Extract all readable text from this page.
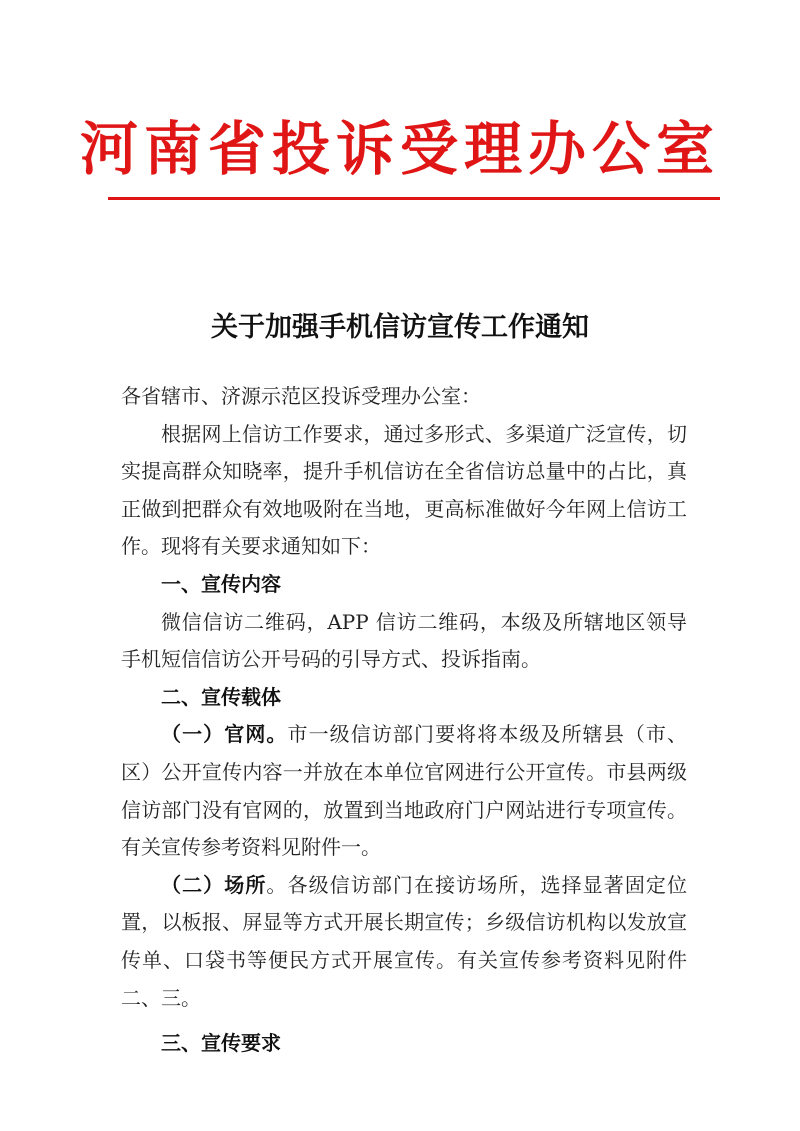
河南省投诉受理办公室
关于加强手机信访宣传工作通知

各省辖市、济源示范区投诉受理办公室：

根据网上信访工作要求，通过多形式、多渠道广泛宣传，切实提高群众知晓率，提升手机信访在全省信访总量中的占比，真正做到把群众有效地吸附在当地，更高标准做好今年网上信访工作。现将有关要求通知如下：

一、宣传内容

微信信访二维码，APP 信访二维码，本级及所辖地区领导手机短信信访公开号码的引导方式、投诉指南。

二、宣传载体

（一）官网。市一级信访部门要将将本级及所辖县（市、区）公开宣传内容一并放在本单位官网进行公开宣传。市县两级信访部门没有官网的，放置到当地政府门户网站进行专项宣传。有关宣传参考资料见附件一。

（二）场所。各级信访部门在接访场所，选择显著固定位置，以板报、屏显等方式开展长期宣传；乡级信访机构以发放宣传单、口袋书等便民方式开展宣传。有关宣传参考资料见附件二、三。

三、宣传要求
